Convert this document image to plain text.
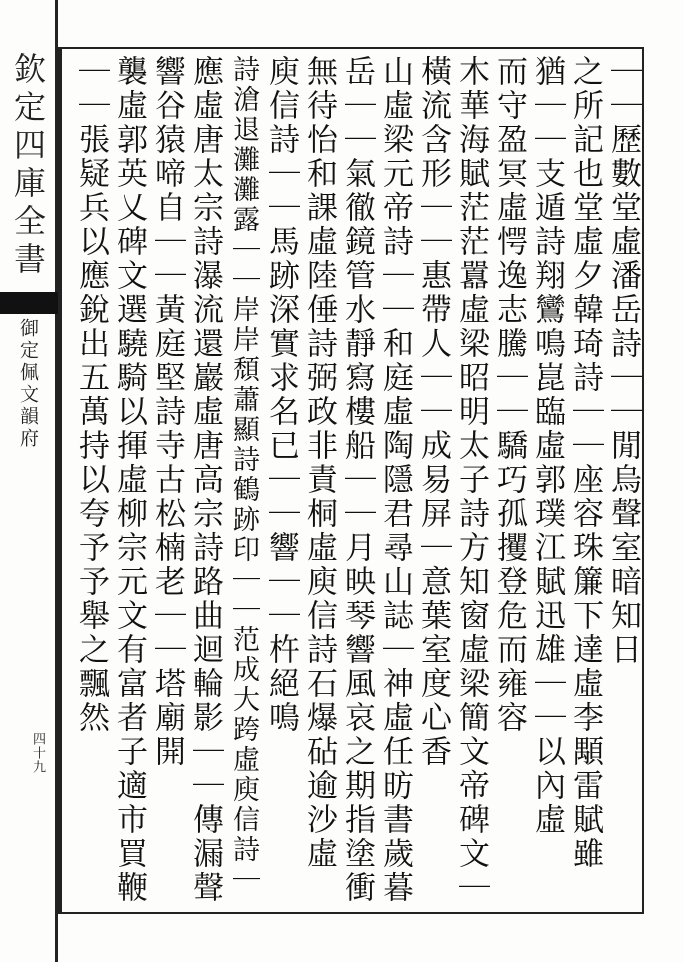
欽定四庫全書
御定佩文韻府
四十九
｜｜歷數堂虛潘岳詩｜｜閒烏聲室暗知日
之所記也堂虛夕韓琦詩｜｜座容珠簾下達虛李顒雷賦雖
猶｜｜支遁詩翔鸞鳴崑臨虛郭璞江賦迅雄｜｜以內虛
而守盈冥虛愕逸志騰｜｜驕巧孤攫登危而雍容
木華海賦茫茫囂虛梁昭明太子詩方知窗虛梁簡文帝碑文｜
橫流含形｜｜惠帶人｜｜成易屏｜意葉室度心香
山虛梁元帝詩｜｜和庭虛陶隱君尋山誌｜神虛任昉書歲暮
岳｜｜氣徹鏡管水靜寫樓船｜｜月映琴響風哀之期指塗衝
無待怡和課虛陸倕詩弼政非責桐虛庾信詩石爆砧逾沙虛
庾信詩｜｜馬跡深實求名已｜｜響｜｜杵絕鳴
詩滄退灘灘露｜｜岸岸頹蕭顯詩鶴跡印｜｜范成大跨虛庾信詩｜
應虛唐太宗詩瀑流還巖虛唐高宗詩路曲迴輪影｜｜傳漏聲
響谷猿啼自｜｜黃庭堅詩寺古松楠老｜｜塔廟開
襲虛郭英乂碑文選驍騎以揮虛柳宗元文有富者子適市買鞭
｜｜張疑兵以應銳出五萬持以夸予予舉之飄然
